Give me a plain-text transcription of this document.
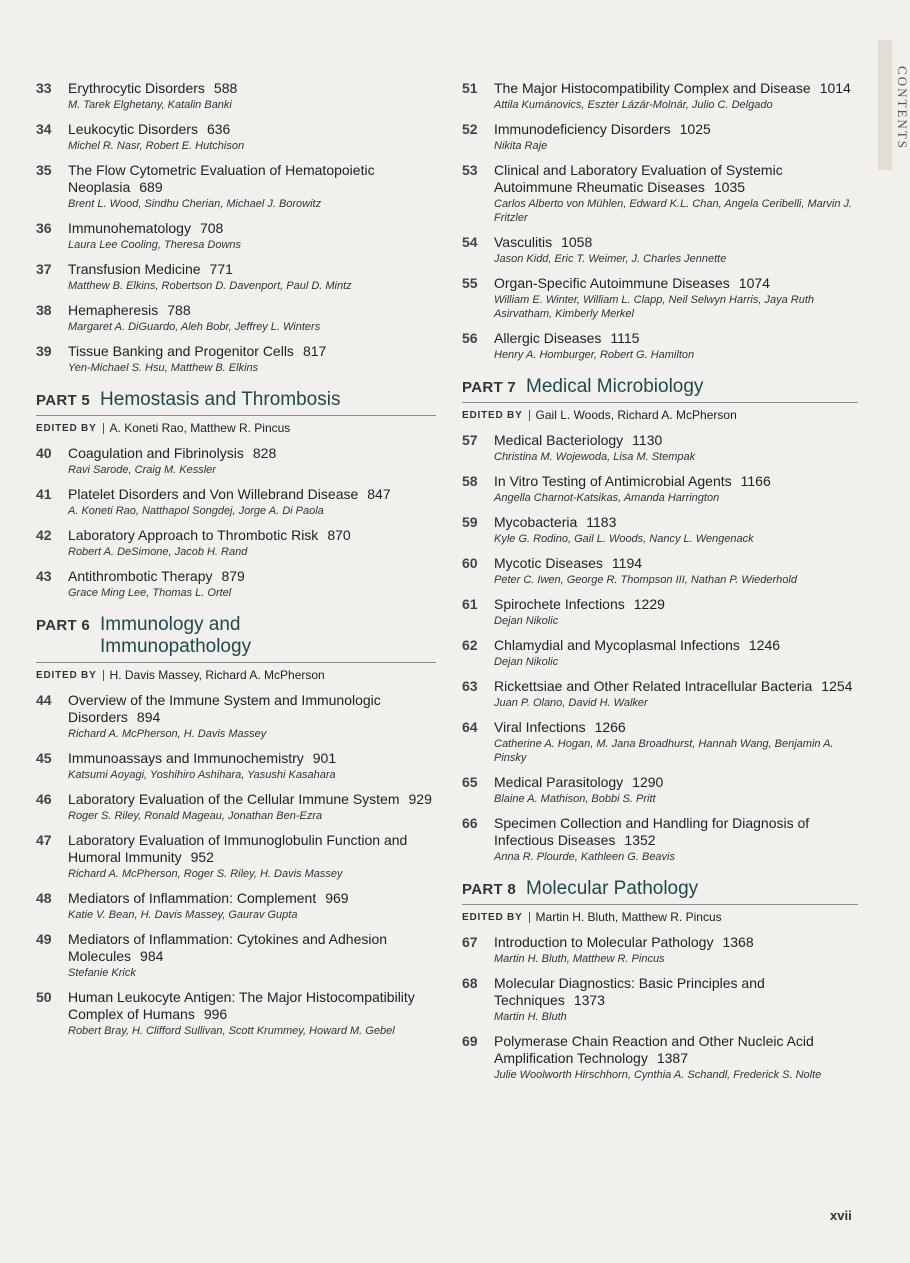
CONTENTS
33	Erythrocytic Disorders 588
M. Tarek Elghetany, Katalin Banki
34	Leukocytic Disorders 636
Michel R. Nasr, Robert E. Hutchison
35	The Flow Cytometric Evaluation of Hematopoietic Neoplasia 689
Brent L. Wood, Sindhu Cherian, Michael J. Borowitz
36	Immunohematology 708
Laura Lee Cooling, Theresa Downs
37	Transfusion Medicine 771
Matthew B. Elkins, Robertson D. Davenport, Paul D. Mintz
38	Hemapheresis 788
Margaret A. DiGuardo, Aleh Bobr, Jeffrey L. Winters
39	Tissue Banking and Progenitor Cells 817
Yen-Michael S. Hsu, Matthew B. Elkins
PART 5 Hemostasis and Thrombosis
EDITED BY	A. Koneti Rao, Matthew R. Pincus
40	Coagulation and Fibrinolysis 828
Ravi Sarode, Craig M. Kessler
41	Platelet Disorders and Von Willebrand Disease 847
A. Koneti Rao, Natthapol Songdej, Jorge A. Di Paola
42	Laboratory Approach to Thrombotic Risk 870
Robert A. DeSimone, Jacob H. Rand
43	Antithrombotic Therapy 879
Grace Ming Lee, Thomas L. Ortel
PART 6 Immunology and Immunopathology
EDITED BY	H. Davis Massey, Richard A. McPherson
44	Overview of the Immune System and Immunologic Disorders 894
Richard A. McPherson, H. Davis Massey
45	Immunoassays and Immunochemistry 901
Katsumi Aoyagi, Yoshihiro Ashihara, Yasushi Kasahara
46	Laboratory Evaluation of the Cellular Immune System 929
Roger S. Riley, Ronald Mageau, Jonathan Ben-Ezra
47	Laboratory Evaluation of Immunoglobulin Function and Humoral Immunity 952
Richard A. McPherson, Roger S. Riley, H. Davis Massey
48	Mediators of Inflammation: Complement 969
Katie V. Bean, H. Davis Massey, Gaurav Gupta
49	Mediators of Inflammation: Cytokines and Adhesion Molecules 984
Stefanie Krick
50	Human Leukocyte Antigen: The Major Histocompatibility Complex of Humans 996
Robert Bray, H. Clifford Sullivan, Scott Krummey, Howard M. Gebel
51	The Major Histocompatibility Complex and Disease 1014
Attila Kumánovics, Eszter Lázár-Molnár, Julio C. Delgado
52	Immunodeficiency Disorders 1025
Nikita Raje
53	Clinical and Laboratory Evaluation of Systemic Autoimmune Rheumatic Diseases 1035
Carlos Alberto von Mühlen, Edward K.L. Chan, Angela Ceribelli, Marvin J. Fritzler
54	Vasculitis 1058
Jason Kidd, Eric T. Weimer, J. Charles Jennette
55	Organ-Specific Autoimmune Diseases 1074
William E. Winter, William L. Clapp, Neil Selwyn Harris, Jaya Ruth Asirvatham, Kimberly Merkel
56	Allergic Diseases 1115
Henry A. Homburger, Robert G. Hamilton
PART 7 Medical Microbiology
EDITED BY	Gail L. Woods, Richard A. McPherson
57	Medical Bacteriology 1130
Christina M. Wojewoda, Lisa M. Stempak
58	In Vitro Testing of Antimicrobial Agents 1166
Angella Charnot-Katsikas, Amanda Harrington
59	Mycobacteria 1183
Kyle G. Rodino, Gail L. Woods, Nancy L. Wengenack
60	Mycotic Diseases 1194
Peter C. Iwen, George R. Thompson III, Nathan P. Wiederhold
61	Spirochete Infections 1229
Dejan Nikolic
62	Chlamydial and Mycoplasmal Infections 1246
Dejan Nikolic
63	Rickettsiae and Other Related Intracellular Bacteria 1254
Juan P. Olano, David H. Walker
64	Viral Infections 1266
Catherine A. Hogan, M. Jana Broadhurst, Hannah Wang, Benjamin A. Pinsky
65	Medical Parasitology 1290
Blaine A. Mathison, Bobbi S. Pritt
66	Specimen Collection and Handling for Diagnosis of Infectious Diseases 1352
Anna R. Plourde, Kathleen G. Beavis
PART 8 Molecular Pathology
EDITED BY	Martin H. Bluth, Matthew R. Pincus
67	Introduction to Molecular Pathology 1368
Martin H. Bluth, Matthew R. Pincus
68	Molecular Diagnostics: Basic Principles and Techniques 1373
Martin H. Bluth
69	Polymerase Chain Reaction and Other Nucleic Acid Amplification Technology 1387
Julie Woolworth Hirschhorn, Cynthia A. Schandl, Frederick S. Nolte
xvii
